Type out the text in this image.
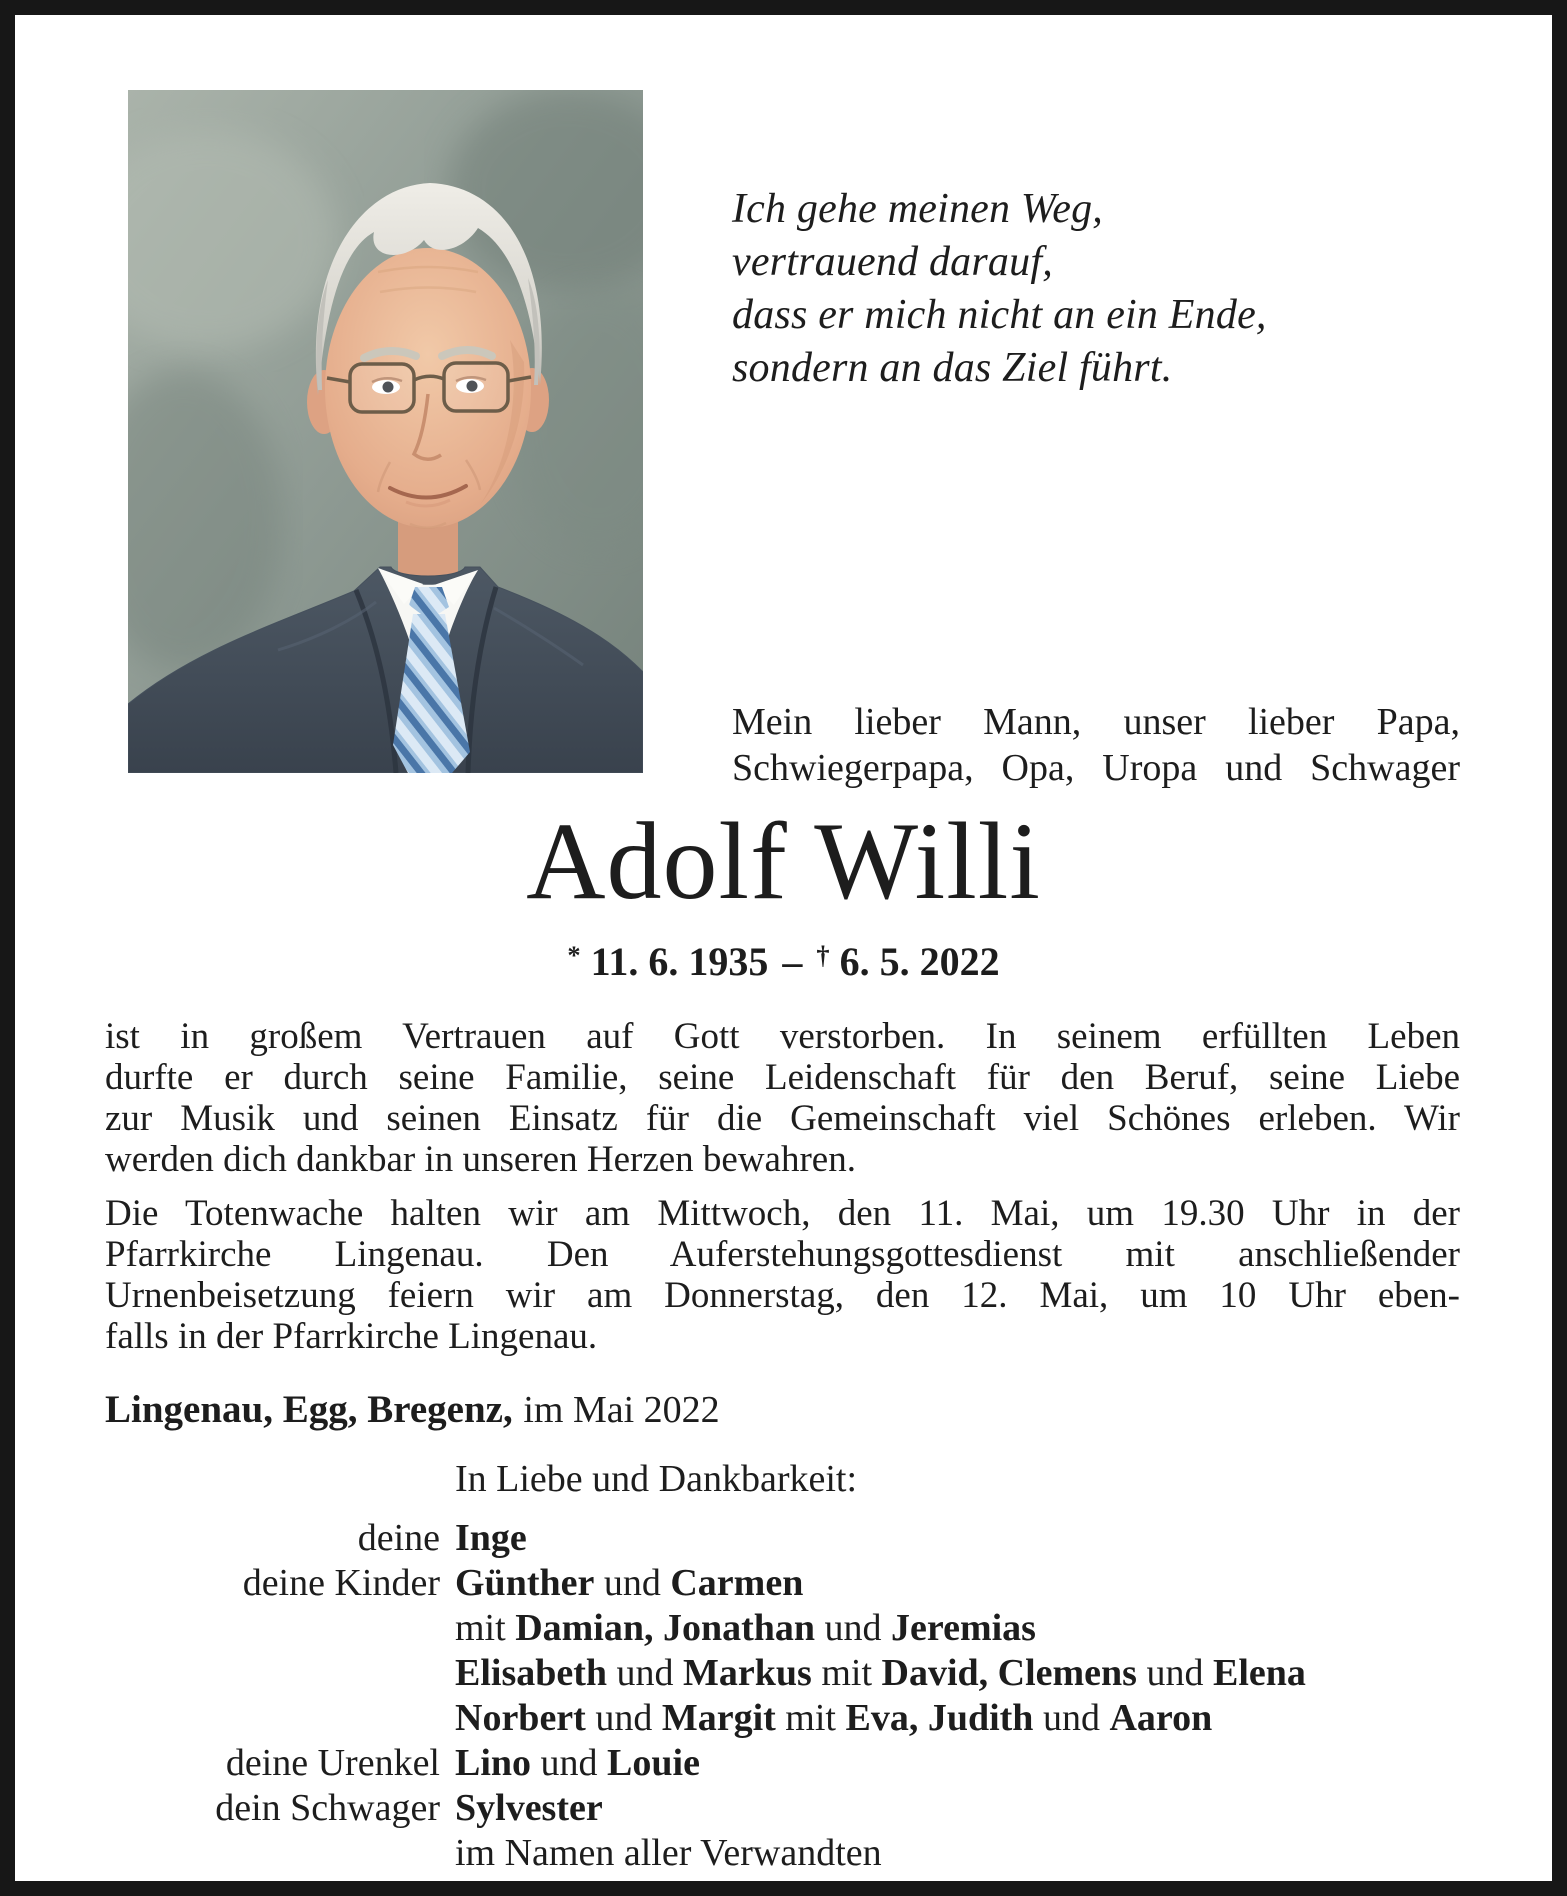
Ich gehe meinen Weg,
vertrauend darauf,
dass er mich nicht an ein Ende,
sondern an das Ziel führt.
Mein lieber Mann, unser lieber Papa,
Schwiegerpapa, Opa, Uropa und Schwager
Adolf Willi
* 11. 6. 1935 – † 6. 5. 2022
ist in großem Vertrauen auf Gott verstorben. In seinem erfüllten Leben
durfte er durch seine Familie, seine Leidenschaft für den Beruf, seine Liebe
zur Musik und seinen Einsatz für die Gemeinschaft viel Schönes erleben. Wir
werden dich dankbar in unseren Herzen bewahren.
Die Totenwache halten wir am Mittwoch, den 11. Mai, um 19.30 Uhr in der
Pfarrkirche Lingenau. Den Auferstehungsgottesdienst mit anschließender
Urnenbeisetzung feiern wir am Donnerstag, den 12. Mai, um 10 Uhr eben-
falls in der Pfarrkirche Lingenau.
Lingenau, Egg, Bregenz, im Mai 2022
In Liebe und Dankbarkeit:
deine Inge
deine Kinder Günther und Carmen
mit Damian, Jonathan und Jeremias
Elisabeth und Markus mit David, Clemens und Elena
Norbert und Margit mit Eva, Judith und Aaron
deine Urenkel Lino und Louie
dein Schwager Sylvester
im Namen aller Verwandten
